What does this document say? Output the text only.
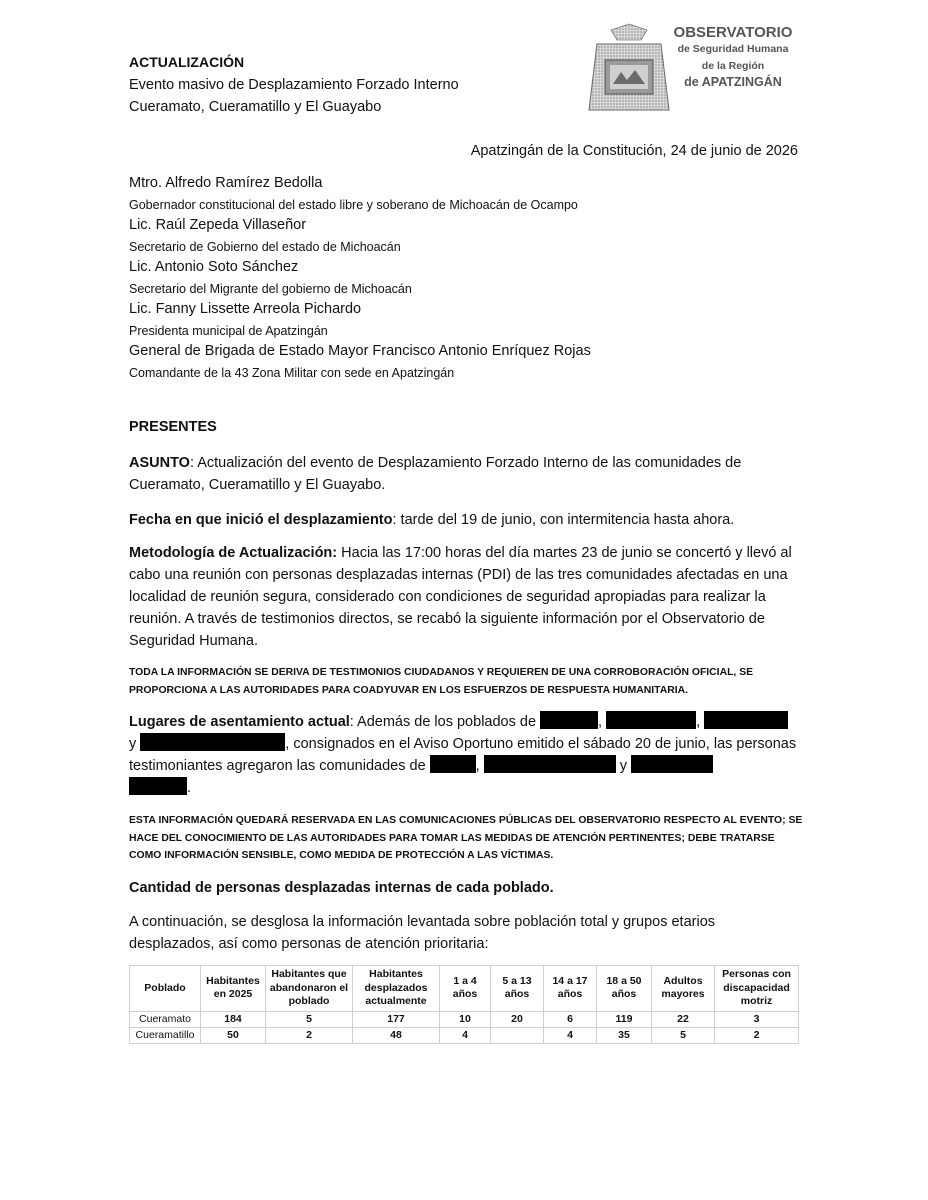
ACTUALIZACIÓN
Evento masivo de Desplazamiento Forzado Interno
Cueramato, Cueramatillo y El Guayabo
OBSERVATORIO
de Seguridad Humana
de la Región
de APATZINGÁN
Apatzingán de la Constitución, 24 de junio de 2026
Mtro. Alfredo Ramírez Bedolla
Gobernador constitucional del estado libre y soberano de Michoacán de Ocampo
Lic. Raúl Zepeda Villaseñor
Secretario de Gobierno del estado de Michoacán
Lic. Antonio Soto Sánchez
Secretario del Migrante del gobierno de Michoacán
Lic. Fanny Lissette Arreola Pichardo
Presidenta municipal de Apatzingán
General de Brigada de Estado Mayor Francisco Antonio Enríquez Rojas
Comandante de la 43 Zona Militar con sede en Apatzingán
PRESENTES
ASUNTO: Actualización del evento de Desplazamiento Forzado Interno de las comunidades de Cueramato, Cueramatillo y El Guayabo.
Fecha en que inició el desplazamiento: tarde del 19 de junio, con intermitencia hasta ahora.
Metodología de Actualización: Hacia las 17:00 horas del día martes 23 de junio se concertó y llevó al cabo una reunión con personas desplazadas internas (PDI) de las tres comunidades afectadas en una localidad de reunión segura, considerado con condiciones de seguridad apropiadas para realizar la reunión. A través de testimonios directos, se recabó la siguiente información por el Observatorio de Seguridad Humana.
TODA LA INFORMACIÓN SE DERIVA DE TESTIMONIOS CIUDADANOS Y REQUIEREN DE UNA CORROBORACIÓN OFICIAL, SE PROPORCIONA A LAS AUTORIDADES PARA COADYUVAR EN LOS ESFUERZOS DE RESPUESTA HUMANITARIA.
Lugares de asentamiento actual: Además de los poblados de	,	,
y	, consignados en el Aviso Oportuno emitido el sábado 20 de junio, las personas testimoniantes agregaron las comunidades de	,	y
.
ESTA INFORMACIÓN QUEDARÁ RESERVADA EN LAS COMUNICACIONES PÚBLICAS DEL OBSERVATORIO RESPECTO AL EVENTO; SE HACE DEL CONOCIMIENTO DE LAS AUTORIDADES PARA TOMAR LAS MEDIDAS DE ATENCIÓN PERTINENTES; DEBE TRATARSE COMO INFORMACIÓN SENSIBLE, COMO MEDIDA DE PROTECCIÓN A LAS VÍCTIMAS.
Cantidad de personas desplazadas internas de cada poblado.
A continuación, se desglosa la información levantada sobre población total y grupos etarios desplazados, así como personas de atención prioritaria:
Poblado	Habitantes en 2025	Habitantes que abandonaron el poblado	Habitantes desplazados actualmente	1 a 4 años	5 a 13 años	14 a 17 años	18 a 50 años	Adultos mayores	Personas con discapacidad motriz
Cueramato	184	5	177	10	20	6	119	22	3
Cueramatillo	50	2	48	4		4	35	5	2
